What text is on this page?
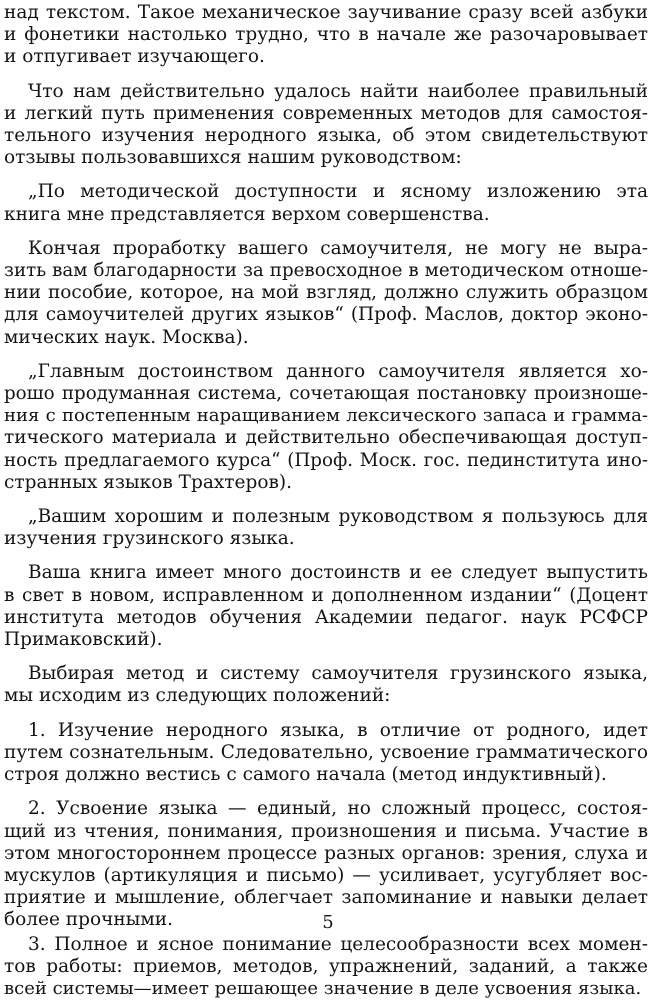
над текстом. Такое механическое заучивание сразу всей азбуки
и фонетики настолько трудно, что в начале же разочаровывает
и отпугивает изучающего.
Что нам действительно удалось найти наиболее правильный
и легкий путь применения современных методов для самостоя-
тельного изучения неродного языка, об этом свидетельствуют
отзывы пользовавшихся нашим руководством:
„По методической доступности и ясному изложению эта
книга мне представляется верхом совершенства.
Кончая проработку вашего самоучителя, не могу не выра-
зить вам благодарности за превосходное в методическом отноше-
нии пособие, которое, на мой взгляд, должно служить образцом
для самоучителей других языков“ (Проф. Маслов, доктор эконо-
мических наук. Москва).
„Главным достоинством данного самоучителя является хо-
рошо продуманная система, сочетающая постановку произноше-
ния с постепенным наращиванием лексического запаса и грамма-
тического материала и действительно обеспечивающая доступ-
ность предлагаемого курса“ (Проф. Моск. гос. пединститута ино-
странных языков Трахтеров).
„Вашим хорошим и полезным руководством я пользуюсь для
изучения грузинского языка.
Ваша книга имеет много достоинств и ее следует выпустить
в свет в новом, исправленном и дополненном издании“ (Доцент
института методов обучения Академии педагог. наук РСФСР
Примаковский).
Выбирая метод и систему самоучителя грузинского языка,
мы исходим из следующих положений:
1. Изучение неродного языка, в отличие от родного, идет
путем сознательным. Следовательно, усвоение грамматического
строя должно вестись с самого начала (метод индуктивный).
2. Усвоение языка — единый, но сложный процесс, состоя-
щий из чтения, понимания, произношения и письма. Участие в
этом многостороннем процессе разных органов: зрения, слуха и
мускулов (артикуляция и письмо) — усиливает, усугубляет вос-
приятие и мышление, облегчает запоминание и навыки делает
более прочными.
3. Полное и ясное понимание целесообразности всех момен-
тов работы: приемов, методов, упражнений, заданий, а также
всей системы—имеет решающее значение в деле усвоения языка.
5
